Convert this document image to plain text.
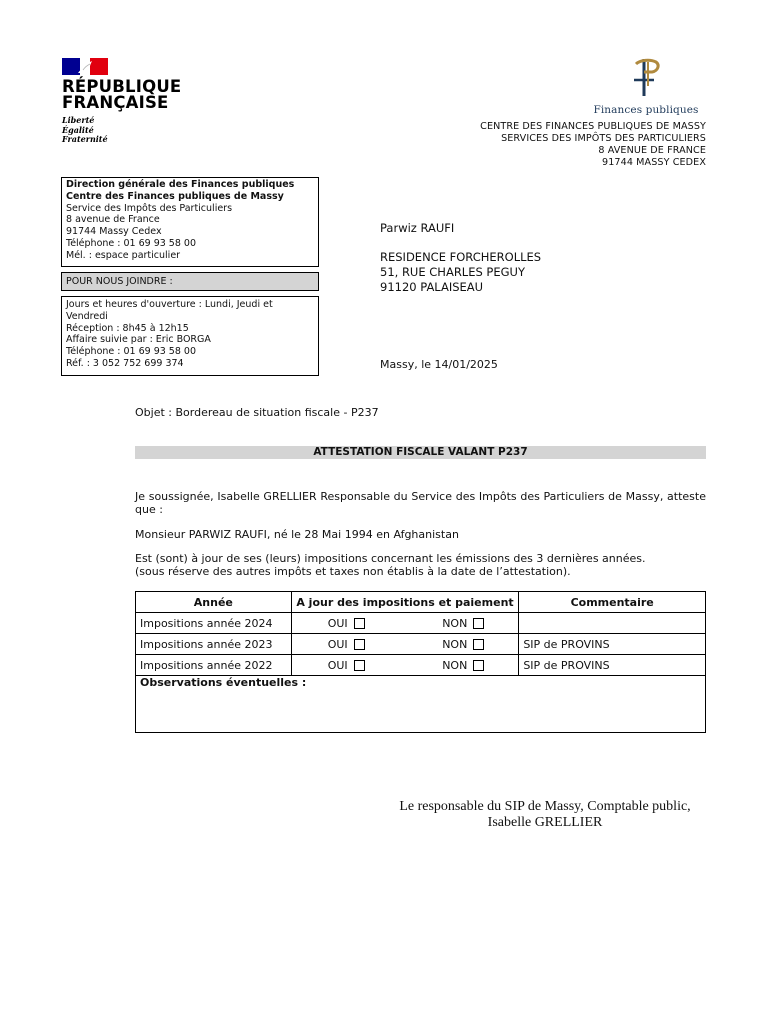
RÉPUBLIQUE
FRANÇAISE
Liberté
Égalité
Fraternité
Finances publiques
CENTRE DES FINANCES PUBLIQUES DE MASSY
SERVICES DES IMPÔTS DES PARTICULIERS
8 AVENUE DE FRANCE
91744 MASSY CEDEX
Direction générale des Finances publiques
Centre des Finances publiques de Massy
Service des Impôts des Particuliers
8 avenue de France
91744 Massy Cedex
Téléphone : 01 69 93 58 00
Mél. : espace particulier
POUR NOUS JOINDRE :
Jours et heures d'ouverture : Lundi, Jeudi et
Vendredi
Réception : 8h45 à 12h15
Affaire suivie par : Eric BORGA
Téléphone : 01 69 93 58 00
Réf. : 3 052 752 699 374
Parwiz RAUFI
RESIDENCE FORCHEROLLES
51, RUE CHARLES PEGUY
91120 PALAISEAU
Massy, le 14/01/2025
Objet : Bordereau de situation fiscale - P237
ATTESTATION FISCALE VALANT P237
Je soussignée, Isabelle GRELLIER Responsable du Service des Impôts des Particuliers de Massy, atteste que :
Monsieur PARWIZ RAUFI, né le 28 Mai 1994 en Afghanistan
Est (sont) à jour de ses (leurs) impositions concernant les émissions des 3 dernières années.
(sous réserve des autres impôts et taxes non établis à la date de l’attestation).
Année	A jour des impositions et paiement	Commentaire
Impositions année 2024	OUI NON	

Impositions année 2023	OUI NON	SIP de PROVINS
Impositions année 2022	OUI NON	SIP de PROVINS
Observations éventuelles :		
Le responsable du SIP de Massy, Comptable public,
Isabelle GRELLIER
